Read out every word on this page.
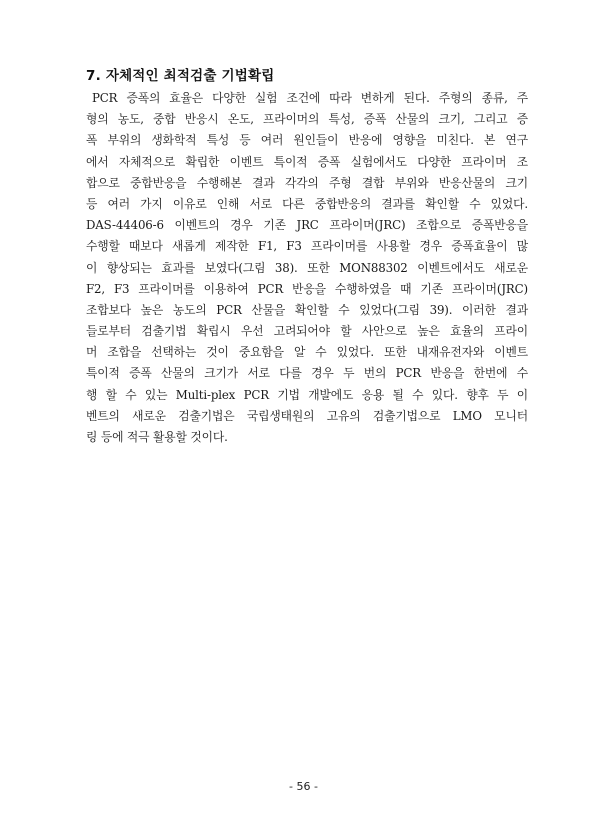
7. 자체적인 최적검출 기법확립
PCR 증폭의 효율은 다양한 실험 조건에 따라 변하게 된다. 주형의 종류, 주
형의 농도, 중합 반응시 온도, 프라이머의 특성, 증폭 산물의 크기, 그리고 증
폭 부위의 생화학적 특성 등 여러 원인들이 반응에 영향을 미친다. 본 연구
에서 자체적으로 확립한 이벤트 특이적 증폭 실험에서도 다양한 프라이머 조
합으로 중합반응을 수행해본 결과 각각의 주형 결합 부위와 반응산물의 크기
등 여러 가지 이유로 인해 서로 다른 중합반응의 결과를 확인할 수 있었다.
DAS-44406-6 이벤트의 경우 기존 JRC 프라이머(JRC) 조합으로 증폭반응을
수행할 때보다 새롭게 제작한 F1, F3 프라이머를 사용할 경우 증폭효율이 많
이 향상되는 효과를 보였다(그림 38). 또한 MON88302 이벤트에서도 새로운
F2, F3 프라이머를 이용하여 PCR 반응을 수행하였을 때 기존 프라이머(JRC)
조합보다 높은 농도의 PCR 산물을 확인할 수 있었다(그림 39). 이러한 결과
들로부터 검출기법 확립시 우선 고려되어야 할 사안으로 높은 효율의 프라이
머 조합을 선택하는 것이 중요함을 알 수 있었다. 또한 내재유전자와 이벤트
특이적 증폭 산물의 크기가 서로 다를 경우 두 번의 PCR 반응을 한번에 수
행 할 수 있는 Multi-plex PCR 기법 개발에도 응용 될 수 있다. 향후 두 이
벤트의 새로운 검출기법은 국립생태원의 고유의 검출기법으로 LMO 모니터
링 등에 적극 활용할 것이다.
- 56 -
